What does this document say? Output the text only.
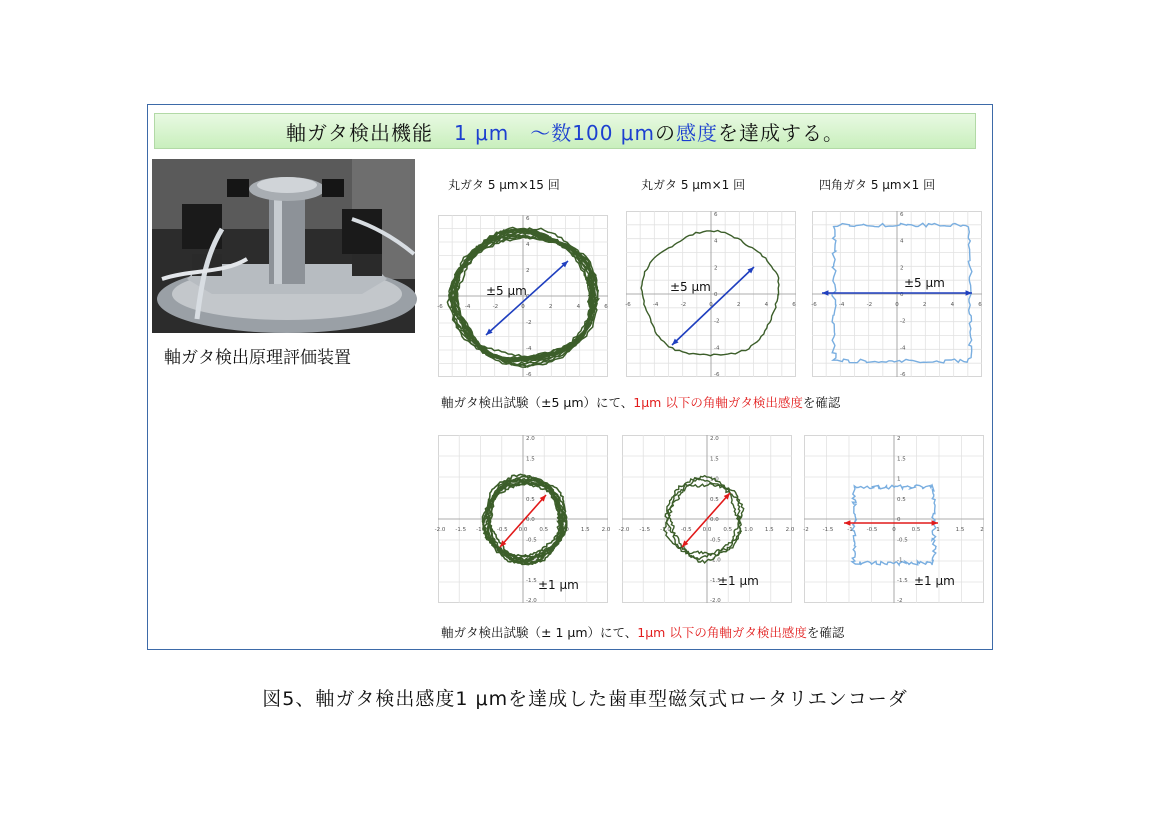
軸ガタ検出機能　 1 μm　～数100 μm の 感度 を達成する。
軸ガタ検出原理評価装置
丸ガタ 5 μm×15 回	丸ガタ 5 μm×1 回	四角ガタ 5 μm×1 回
-6
-6
-4
-4
-2
-2
0	2
2
4
4
6
6
±5 μm
-6
-6
-4
-4
-2
-2
0
0
2
2
4
4
6
6
±5 μm
-6
-6
-4
-4
-2
-2
0
0
2
2
4
4
6
6
±5 μm
軸ガタ検出試験（±5 μm）にて、1μm 以下の角軸ガタ検出感度を確認
-2.0
-2.0
-1.5
-1.5
-1.0
-1.0
-0.5
-0.5
0.0
0.0
0.5
0.5
1.0
1.0
1.5
1.5
2.0
2.0
±1 μm
-2.0
-2.0
-1.5
-1.5
-1.0
-1.0
-0.5
-0.5
0.0
0.0
0.5
0.5
1.0
1.0
1.5
1.5
2.0
2.0
±1 μm
-2
-2
-1.5
-1.5
-1
-1
-0.5
-0.5
0
0
0.5
0.5
1
1
1.5
1.5
2
2
±1 μm
軸ガタ検出試験（± 1 μm）にて、1μm 以下の角軸ガタ検出感度を確認
図5、軸ガタ検出感度1 μmを達成した歯車型磁気式ロータリエンコーダ
